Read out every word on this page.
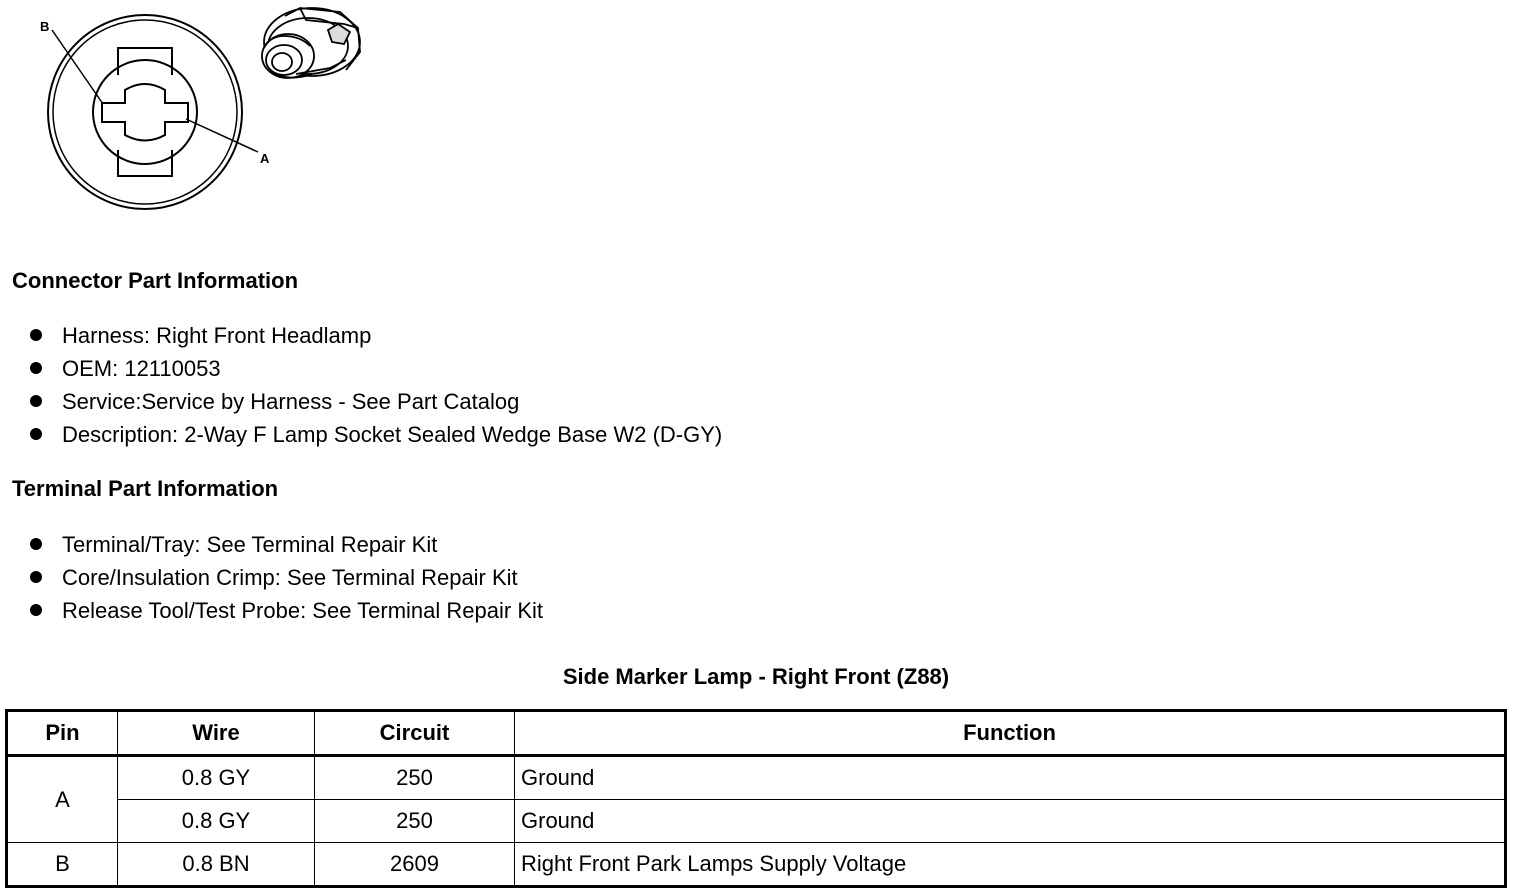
B
A
Connector Part Information
Harness: Right Front Headlamp
OEM: 12110053
Service:Service by Harness - See Part Catalog
Description: 2-Way F Lamp Socket Sealed Wedge Base W2 (D-GY)
Terminal Part Information
Terminal/Tray: See Terminal Repair Kit
Core/Insulation Crimp: See Terminal Repair Kit
Release Tool/Test Probe: See Terminal Repair Kit
Side Marker Lamp - Right Front (Z88)
Pin	Wire	Circuit	Function
A	0.8 GY	250	Ground
	0.8 GY	250	Ground
B	0.8 BN	2609	Right Front Park Lamps Supply Voltage
